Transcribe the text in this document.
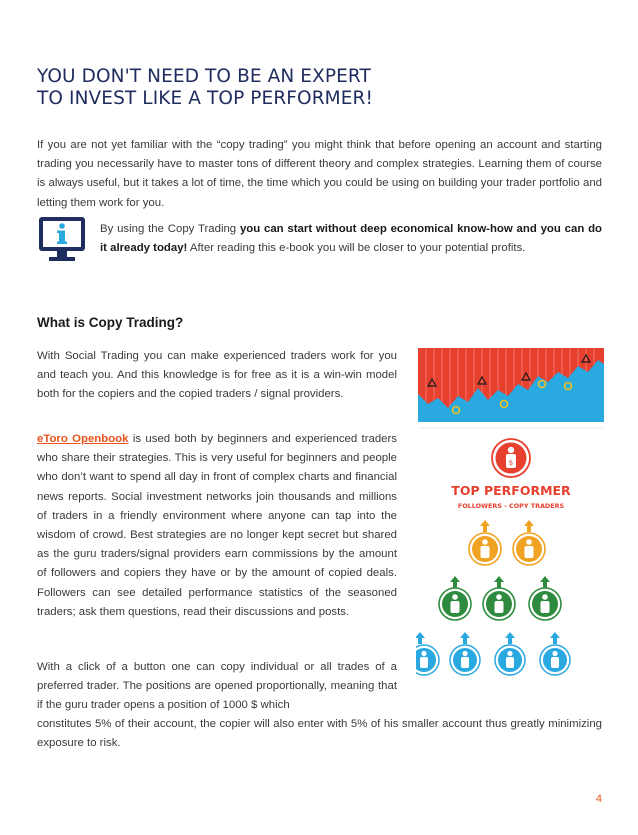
YOU DON'T NEED TO BE AN EXPERT
TO INVEST LIKE A TOP PERFORMER!

If you are not yet familiar with the “copy trading” you might think that before opening an account and starting trading you necessarily have to master tons of different theory and complex strategies. Learning them of course is always useful, but it takes a lot of time, the time which you could be using on building your trader portfolio and letting them work for you.

By using the Copy Trading you can start without deep economical know-how and you can do it already today! After reading this e-book you will be closer to your potential profits.

What is Copy Trading?

With Social Trading you can make experienced traders work for you and teach you. And this knowledge is for free as it is a win-win model both for the copiers and the copied traders / signal providers.

eToro Openbook is used both by beginners and experienced traders who share their strategies. This is very useful for beginners and people who don’t want to spend all day in front of complex charts and financial news reports. Social investment networks join thousands and millions of traders in a friendly environment where anyone can tap into the wisdom of crowd. Best strategies are no longer kept secret but shared as the guru traders/signal providers earn commissions by the amount of followers and copiers they have or by the amount of copied deals. Followers can see detailed performance statistics of the seasoned traders; ask them questions, read their discussions and posts.

With a click of a button one can copy individual or all trades of a preferred trader. The positions are opened proportionally, meaning that if the guru trader opens a position of 1000 $ which

constitutes 5% of their account, the copier will also enter with 5% of his smaller account thus greatly minimizing exposure to risk.

$
TOP PERFORMER
FOLLOWERS - COPY TRADERS
4
